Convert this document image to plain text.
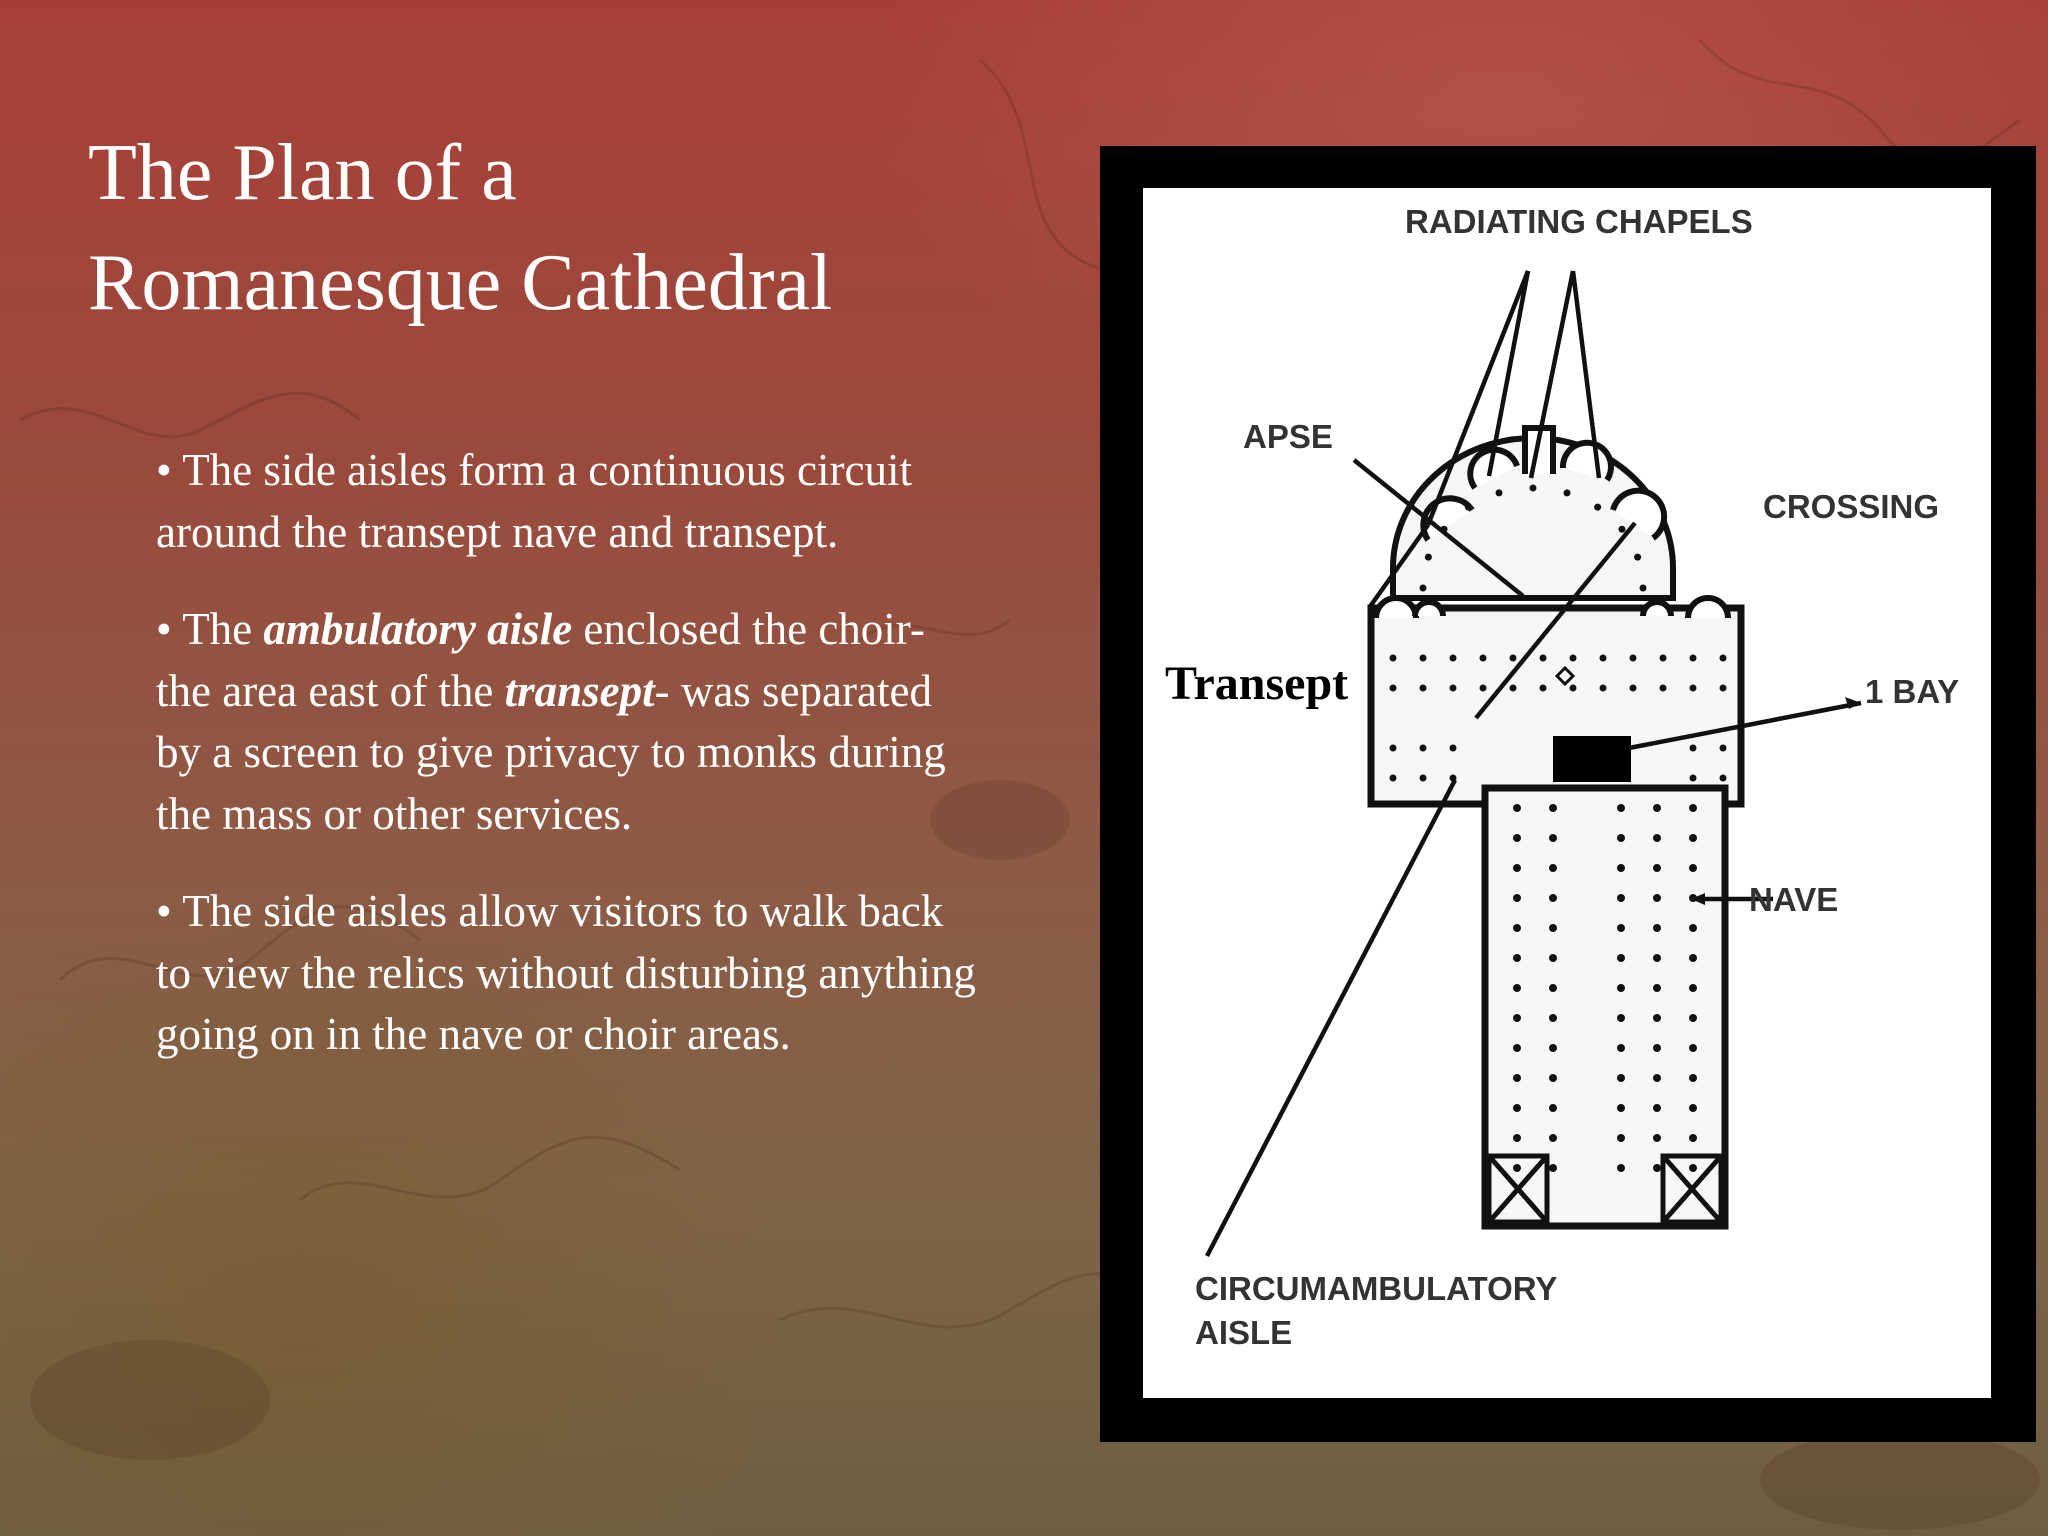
The Plan of a
Romanesque Cathedral

• The side aisles form a continuous circuit around the transept nave and transept.

• The ambulatory aisle enclosed the choir- the area east of the transept- was separated by a screen to give privacy to monks during the mass or other services.

• The side aisles allow visitors to walk back to view the relics without disturbing anything going on in the nave or choir areas.

RADIATING CHAPELS
APSE
CROSSING
Transept	1 BAY
NAVE
CIRCUMAMBULATORY
AISLE
